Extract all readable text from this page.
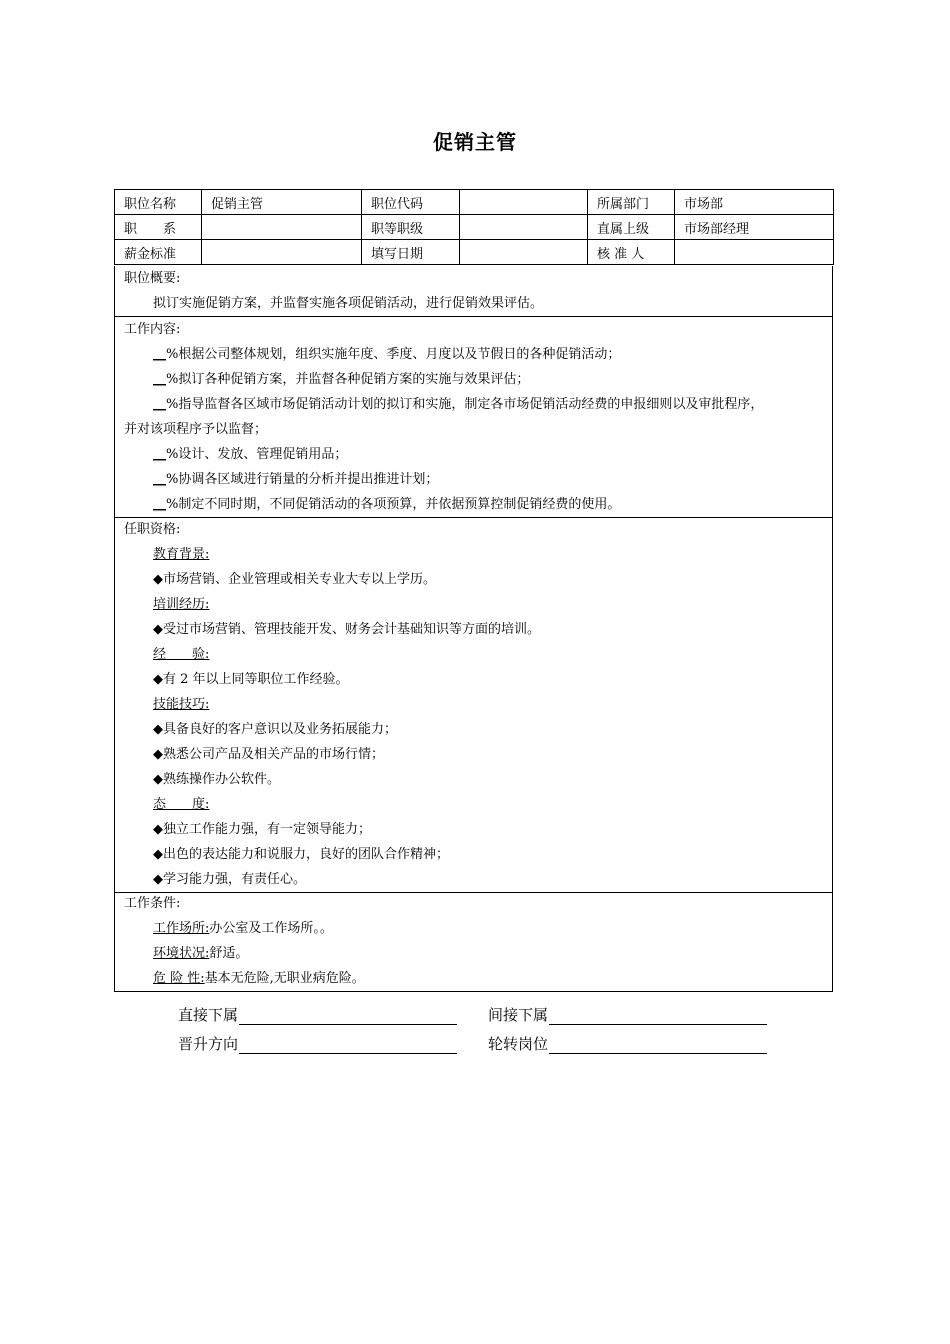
促销主管
职位名称	促销主管	职位代码		所属部门	市场部
职　　系		职等职级		直属上级	市场部经理
薪金标准		填写日期		核 准 人	
职位概要:
拟订实施促销方案，并监督实施各项促销活动，进行促销效果评估。
工作内容:
__%根据公司整体规划，组织实施年度、季度、月度以及节假日的各种促销活动；
__%拟订各种促销方案，并监督各种促销方案的实施与效果评估；
__%指导监督各区域市场促销活动计划的拟订和实施，制定各市场促销活动经费的申报细则以及审批程序，
并对该项程序予以监督；
__%设计、发放、管理促销用品；
__%协调各区域进行销量的分析并提出推进计划；
__%制定不同时期，不同促销活动的各项预算，并依据预算控制促销经费的使用。
任职资格:
教育背景:
◆市场营销、企业管理或相关专业大专以上学历。
培训经历:
◆受过市场营销、管理技能开发、财务会计基础知识等方面的培训。
经　　验:
◆有 2 年以上同等职位工作经验。
技能技巧:
◆具备良好的客户意识以及业务拓展能力；
◆熟悉公司产品及相关产品的市场行情；
◆熟练操作办公软件。
态　　度:
◆独立工作能力强，有一定领导能力；
◆出色的表达能力和说服力，良好的团队合作精神；
◆学习能力强，有责任心。
工作条件:
工作场所:办公室及工作场所。。
环境状况:舒适。
危 险 性:基本无危险,无职业病危险。
直接下属	间接下属
晋升方向	轮转岗位
